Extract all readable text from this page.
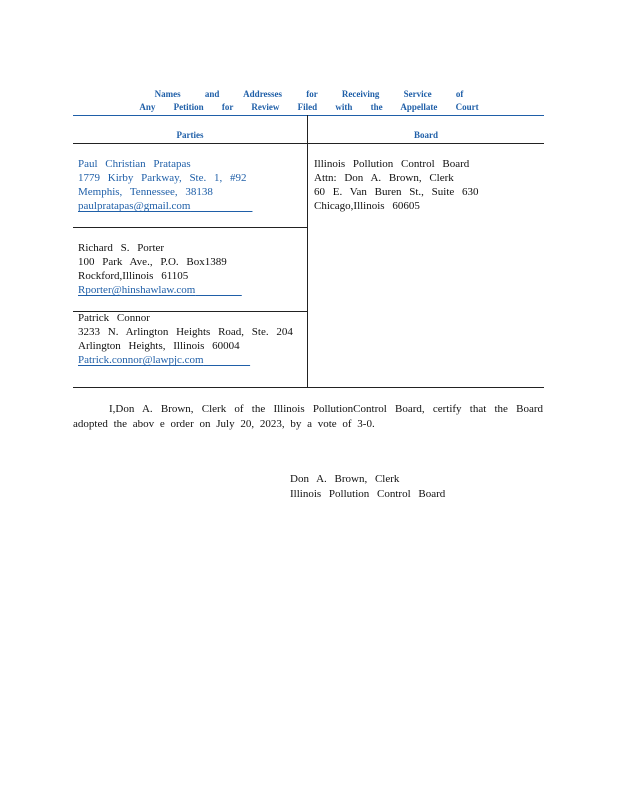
Names and Addresses for Receiving Service of
Any Petition for Review Filed with the Appellate Court
Parties	Board
Paul Christian Pratapas
1779 Kirby Parkway, Ste. 1, #92
Memphis, Tennessee, 38138
paulpratapas@gmail.com
Richard S. Porter
100 Park Ave., P.O. Box1389
Rockford,Illinois 61105
Rporter@hinshawlaw.com
Patrick Connor
3233 N. Arlington Heights Road, Ste. 204
Arlington Heights, Illinois 60004
Patrick.connor@lawpjc.com
Illinois Pollution Control Board
Attn: Don A. Brown, Clerk
60 E. Van Buren St., Suite 630
Chicago,Illinois 60605
I,Don A. Brown, Clerk of the Illinois PollutionControl Board, certify that the Board adopted the abov e order on July 20, 2023, by a vote of 3-0.
Don A. Brown, Clerk
Illinois Pollution Control Board
